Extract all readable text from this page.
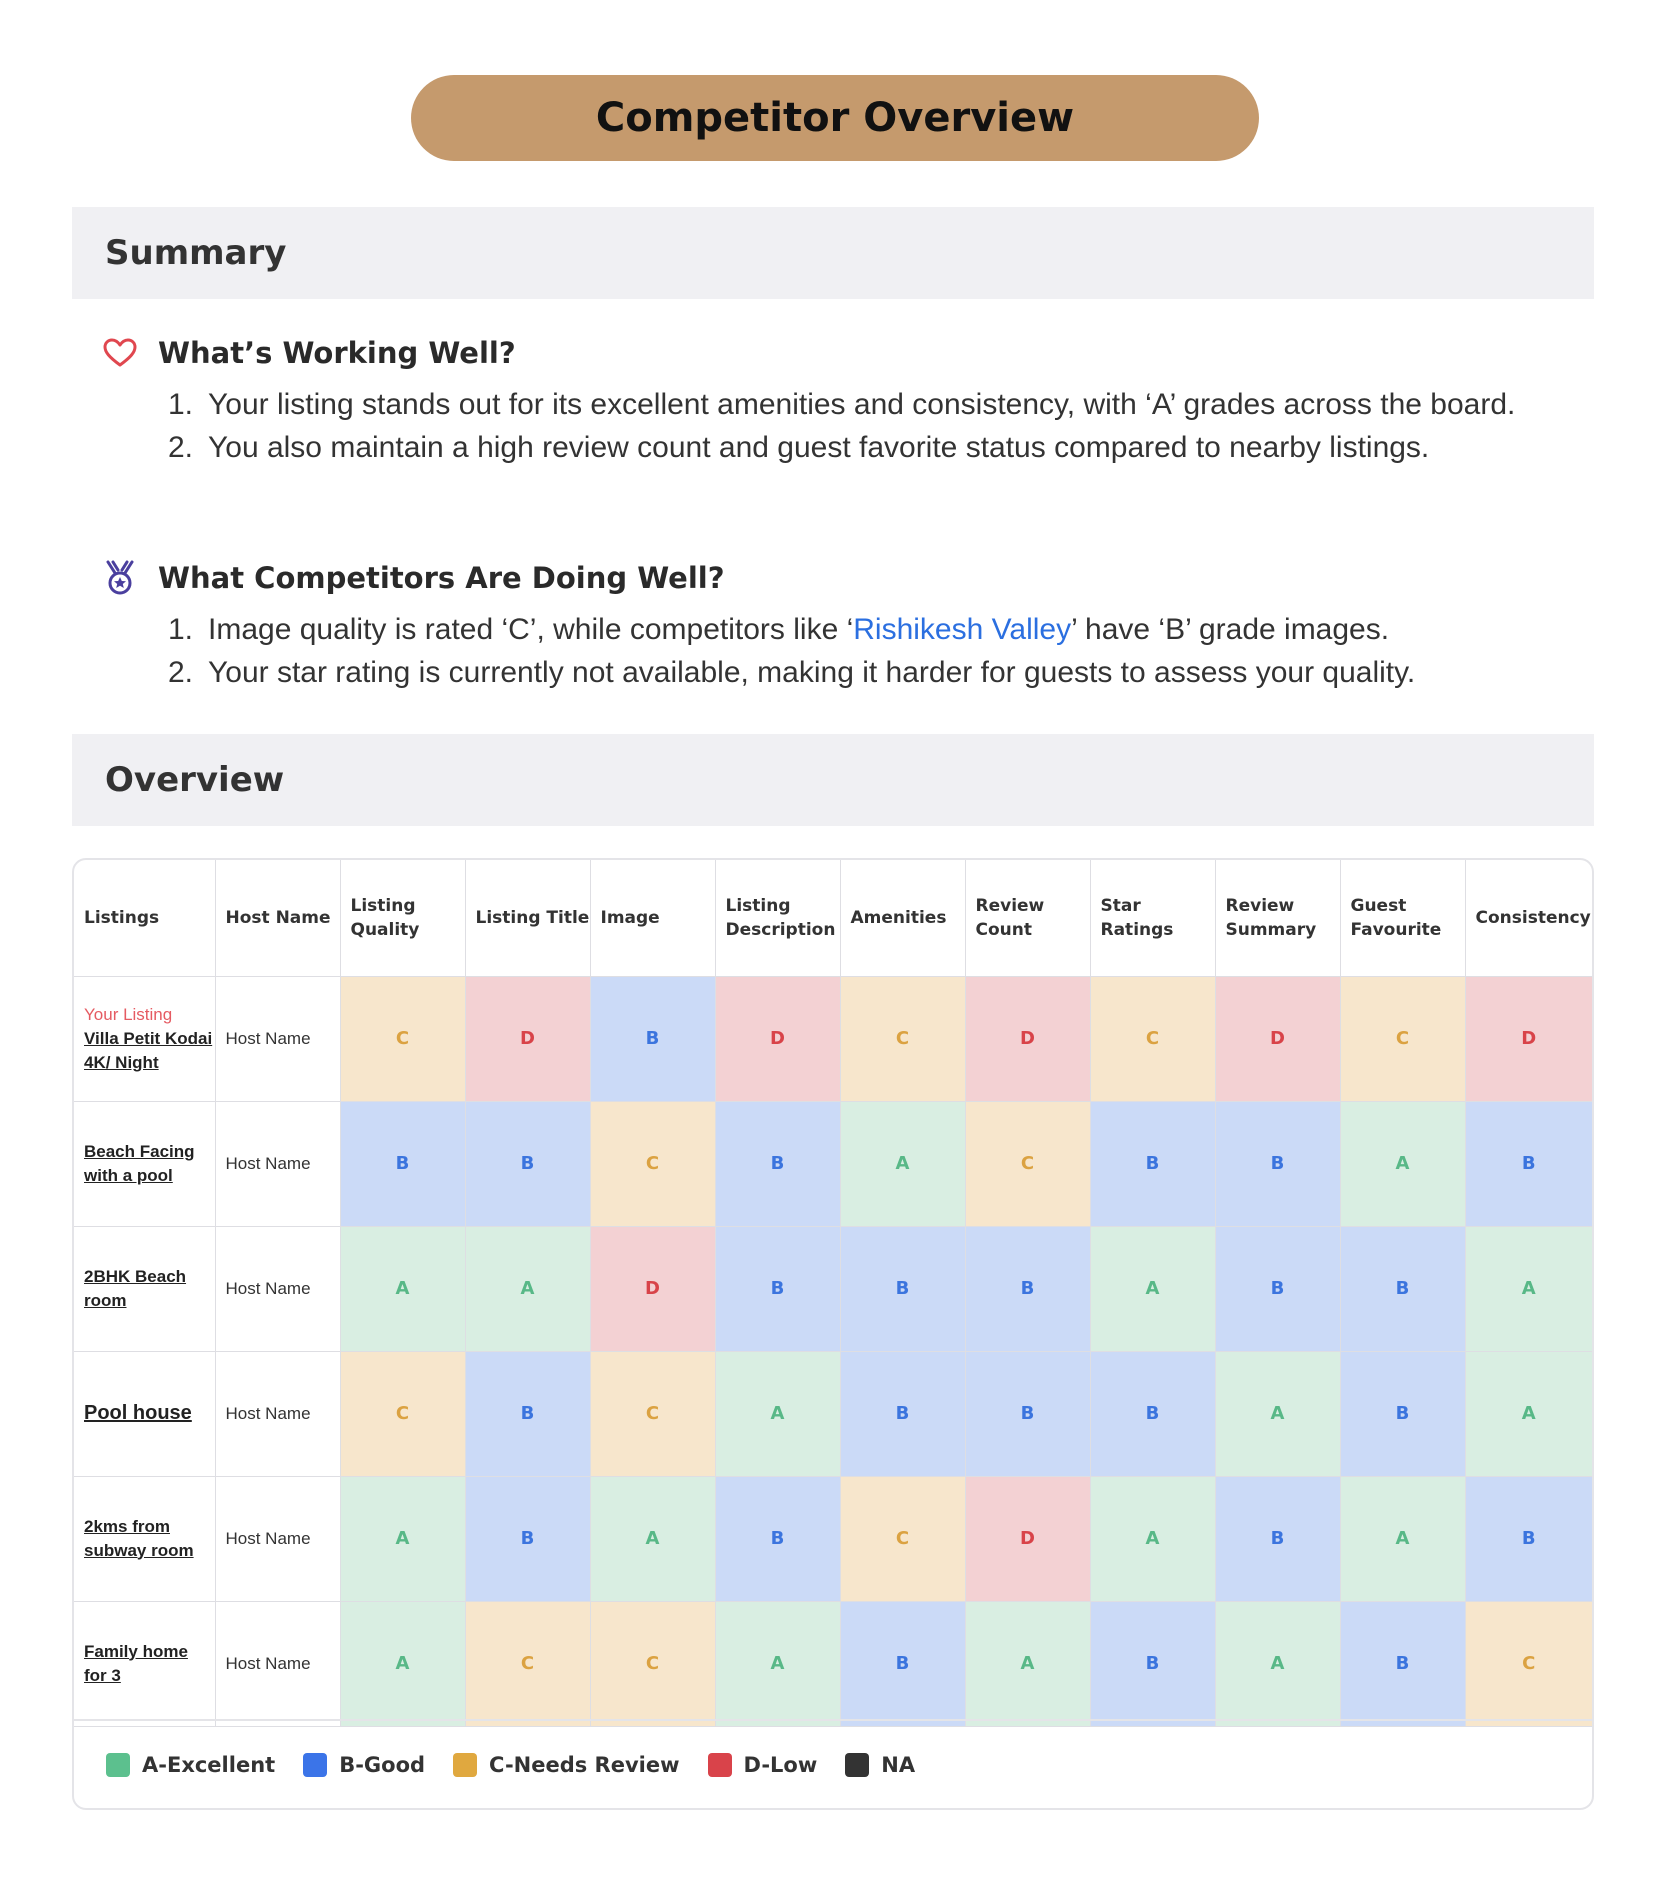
Competitor Overview
Summary
What’s Working Well?
1. Your listing stands out for its excellent amenities and consistency, with ‘A’ grades across the board.
2. You also maintain a high review count and guest favorite status compared to nearby listings.
What Competitors Are Doing Well?
1. Image quality is rated ‘C’, while competitors like ‘Rishikesh Valley’ have ‘B’ grade images.
2. Your star rating is currently not available, making it harder for guests to assess your quality.
Overview
Listings	Host Name	Listing Quality	Listing Title	Image	Listing Description	Amenities	Review Count	Star Ratings	Review Summary	Guest Favourite	Consistency

Your Listing
Villa Petit Kodai 4K/ Night	Host Name	C	D	B	D	C	D	C	D	C	D
Beach Facing with a pool	Host Name	B	B	C	B	A	C	B	B	A	B
2BHK Beach room	Host Name	A	A	D	B	B	B	A	B	B	A
Pool house	Host Name	C	B	C	A	B	B	B	A	B	A
2kms from subway room	Host Name	A	B	A	B	C	D	A	B	A	B
Family home for 3	Host Name	A	C	C	A	B	A	B	A	B	C
A-Excellent	B-Good	C-Needs Review	D-Low	NA
